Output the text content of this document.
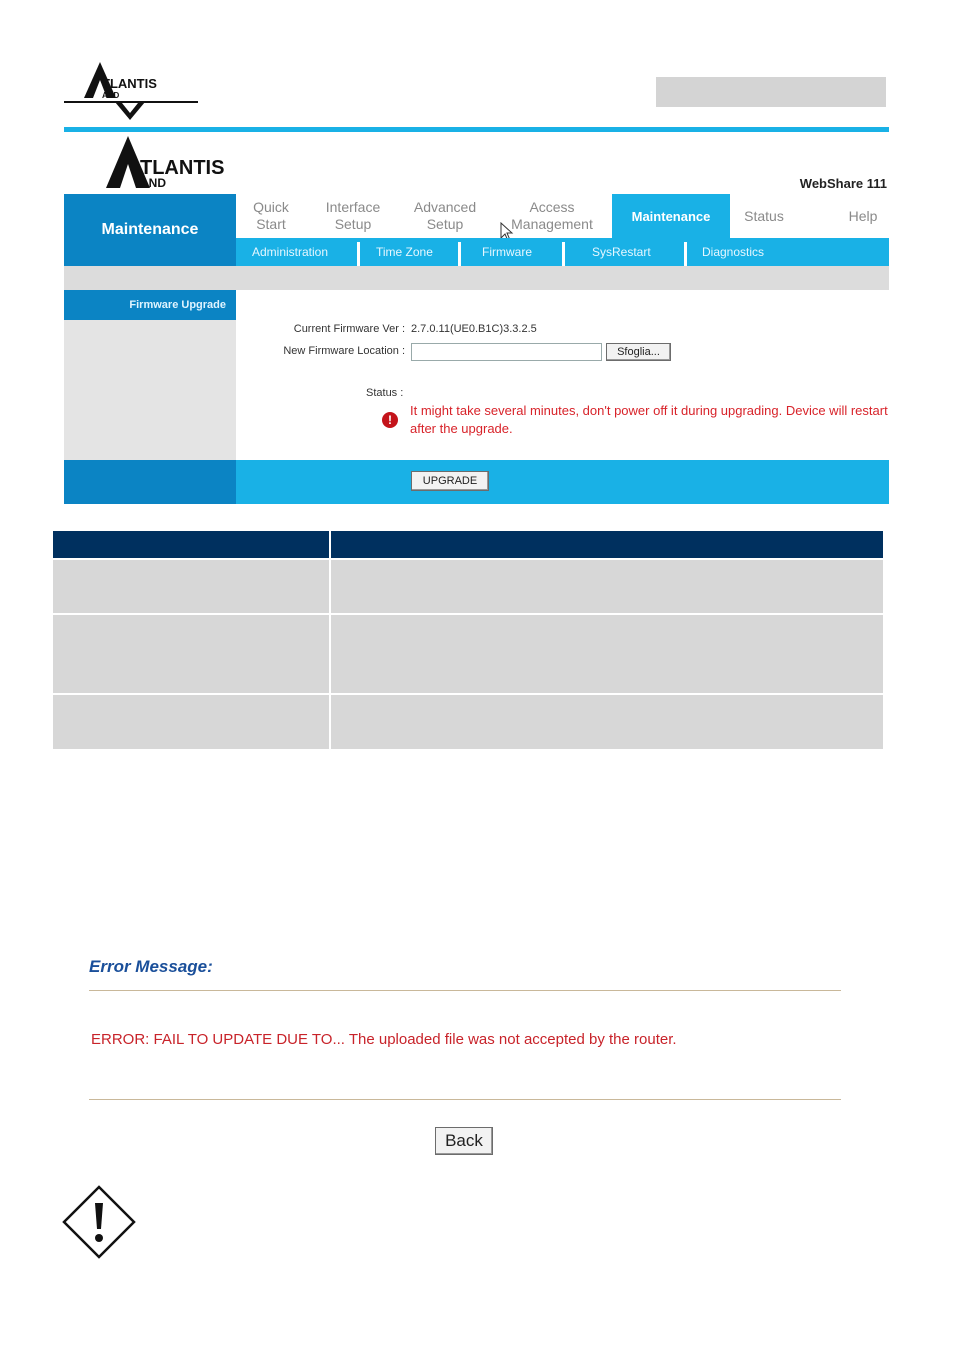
TLANTIS
AND
TLANTIS
AND	WebShare 111
Maintenance
Quick
Start
Interface
Setup
Advanced
Setup
Access
Management	Maintenance	Status	Help
Administration	Time Zone	Firmware	SysRestart	Diagnostics
Firmware Upgrade
Current Firmware Ver : 2.7.0.11(UE0.B1C)3.3.2.5
New Firmware Location :	Sfoglia...
Status :
!
It might take several minutes, don't power off it during upgrading. Device will restart after the upgrade.
UPGRADE
Error Message:
ERROR: FAIL TO UPDATE DUE TO... The uploaded file was not accepted by the router.
Back
